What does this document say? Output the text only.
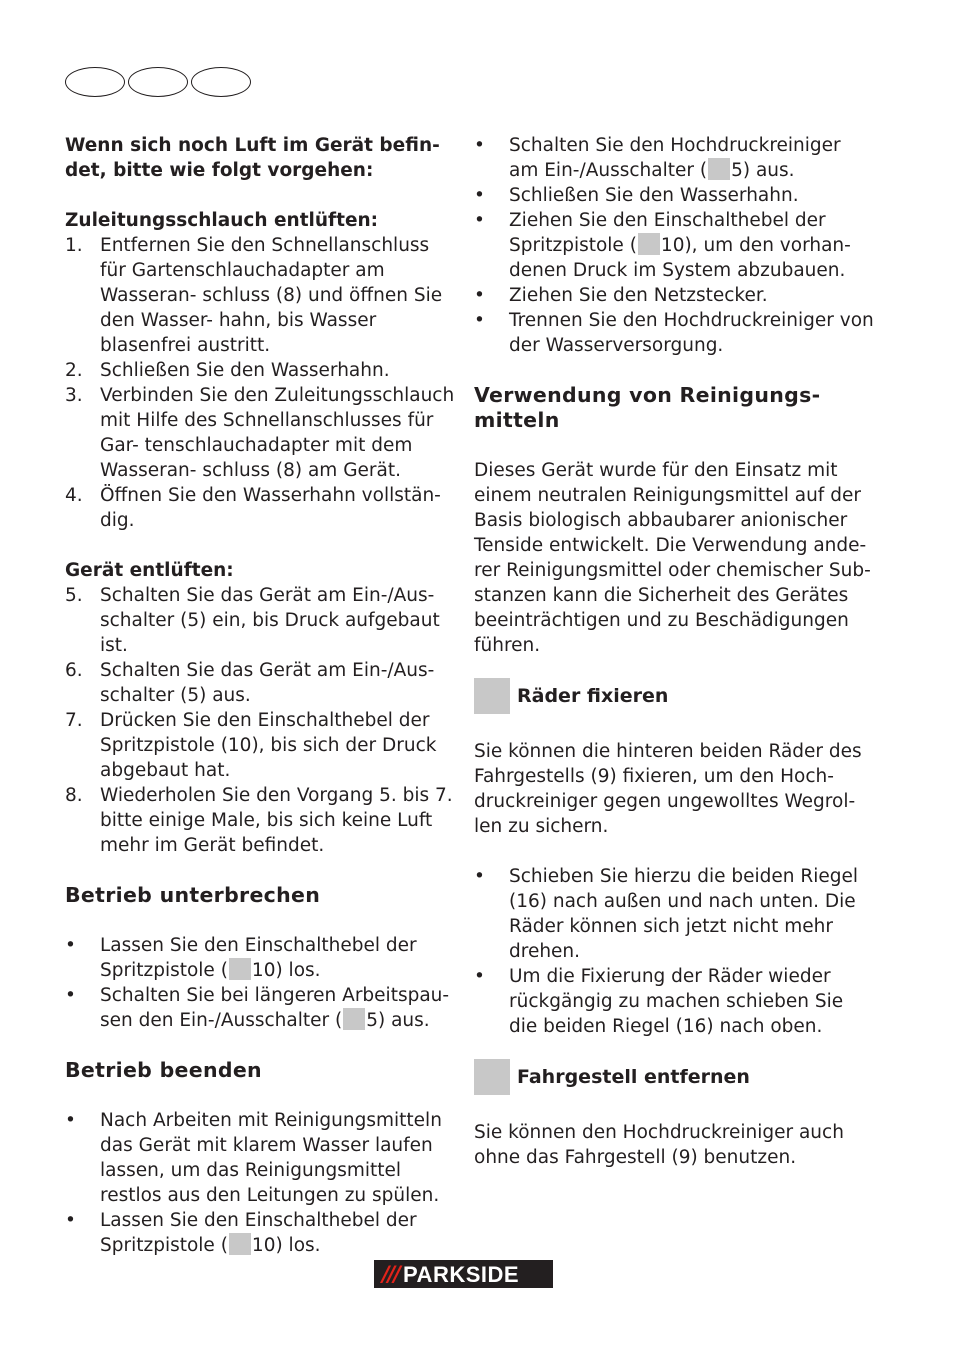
Wenn sich noch Luft im Gerät befin- det, bitte wie folgt vorgehen:

Zuleitungsschlauch entlüften:

1. Entfernen Sie den Schnellanschluss für Gartenschlauchadapter am Wasseran- schluss (8) und öffnen Sie den Wasser- hahn, bis Wasser blasenfrei austritt.
2. Schließen Sie den Wasserhahn.
3. Verbinden Sie den Zuleitungsschlauch mit Hilfe des Schnellanschlusses für Gar- tenschlauchadapter mit dem Wasseran- schluss (8) am Gerät.
4. Öffnen Sie den Wasserhahn vollstän- dig.

Gerät entlüften:

5. Schalten Sie das Gerät am Ein-/Aus- schalter (5) ein, bis Druck aufgebaut ist.
6. Schalten Sie das Gerät am Ein-/Aus- schalter (5) aus.
7. Drücken Sie den Einschalthebel der Spritzpistole (10), bis sich der Druck abgebaut hat.
8. Wiederholen Sie den Vorgang 5. bis 7. bitte einige Male, bis sich keine Luft mehr im Gerät befindet.

Betrieb unterbrechen

• Lassen Sie den Einschalthebel der Spritzpistole ( 10) los.
• Schalten Sie bei längeren Arbeitspau- sen den Ein-/Ausschalter ( 5) aus.

Betrieb beenden

• Nach Arbeiten mit Reinigungsmitteln das Gerät mit klarem Wasser laufen lassen, um das Reinigungsmittel restlos aus den Leitungen zu spülen.
• Lassen Sie den Einschalthebel der Spritzpistole ( 10) los.
• Schalten Sie den Hochdruckreiniger am Ein-/Ausschalter ( 5) aus.
• Schließen Sie den Wasserhahn.
• Ziehen Sie den Einschalthebel der Spritzpistole ( 10), um den vorhan- denen Druck im System abzubauen.
• Ziehen Sie den Netzstecker.
• Trennen Sie den Hochdruckreiniger von der Wasserversorgung.

Verwendung von Reinigungs- mitteln

Dieses Gerät wurde für den Einsatz mit einem neutralen Reinigungsmittel auf der Basis biologisch abbaubarer anionischer Tenside entwickelt. Die Verwendung ande- rer Reinigungsmittel oder chemischer Sub- stanzen kann die Sicherheit des Gerätes beeinträchtigen und zu Beschädigungen führen.

Räder fixieren

Sie können die hinteren beiden Räder des Fahrgestells (9) fixieren, um den Hoch- druckreiniger gegen ungewolltes Wegrol- len zu sichern.

• Schieben Sie hierzu die beiden Riegel (16) nach außen und nach unten. Die Räder können sich jetzt nicht mehr drehen.
• Um die Fixierung der Räder wieder rückgängig zu machen schieben Sie die beiden Riegel (16) nach oben.
Fahrgestell entfernen

Sie können den Hochdruckreiniger auch ohne das Fahrgestell (9) benutzen.

/// PARKSIDE
